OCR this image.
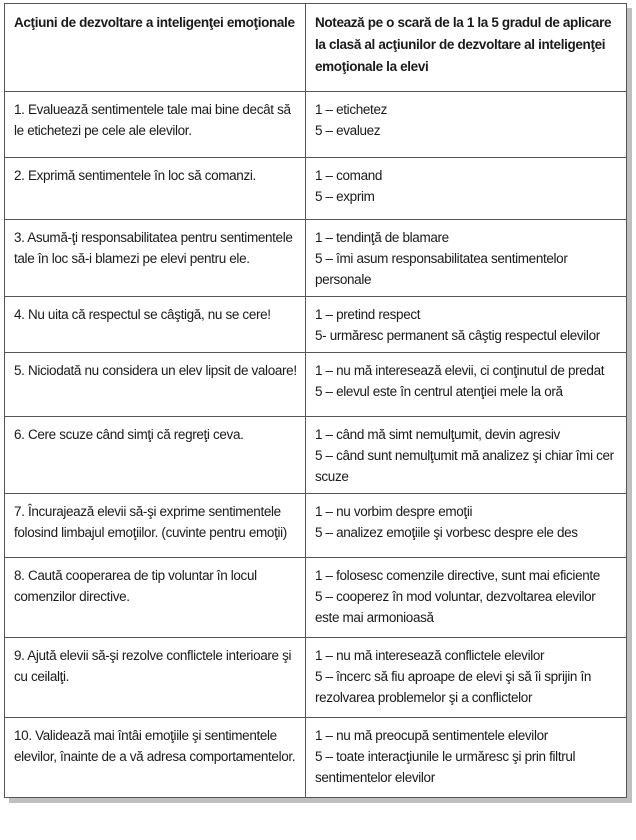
Acţiuni de dezvoltare a inteligenţei emoţionale	Notează pe o scară de la 1 la 5 gradul de aplicare la clasă al acţiunilor de dezvoltare al inteligenţei emoţionale la elevi
1. Evaluează sentimentele tale mai bine decât să le etichetezi pe cele ale elevilor.	1 – etichetez
5 – evaluez

2. Exprimă sentimentele în loc să comanzi.	1 – comand
5 – exprim

3. Asumă-ţi responsabilitatea pentru sentimentele tale în loc să-i blamezi pe elevi pentru ele.	1 – tendinţă de blamare
5 – îmi asum responsabilitatea sentimentelor personale

4. Nu uita că respectul se câştigă, nu se cere!	1 – pretind respect
5- urmăresc permanent să câştig respectul elevilor

5. Niciodată nu considera un elev lipsit de valoare!	1 – nu mă interesează elevii, ci conţinutul de predat
5 – elevul este în centrul atenţiei mele la oră

6. Cere scuze când simţi că regreţi ceva.	1 – când mă simt nemulţumit, devin agresiv
5 – când sunt nemulţumit mă analizez şi chiar îmi cer scuze

7. Încurajează elevii să-şi exprime sentimentele folosind limbajul emoţiilor. (cuvinte pentru emoţii)	1 – nu vorbim despre emoţii
5 – analizez emoţiile şi vorbesc despre ele des

8. Caută cooperarea de tip voluntar în locul comenzilor directive.	1 – folosesc comenzile directive, sunt mai eficiente
5 – cooperez în mod voluntar, dezvoltarea elevilor este mai armonioasă

9. Ajută elevii să-şi rezolve conflictele interioare şi cu ceilalţi.	1 – nu mă interesează conflictele elevilor
5 – încerc să fiu aproape de elevi şi să îi sprijin în rezolvarea problemelor şi a conflictelor

10. Validează mai întâi emoţiile şi sentimentele elevilor, înainte de a vă adresa comportamentelor.	1 – nu mă preocupă sentimentele elevilor
5 – toate interacţiunile le urmăresc şi prin filtrul sentimentelor elevilor
